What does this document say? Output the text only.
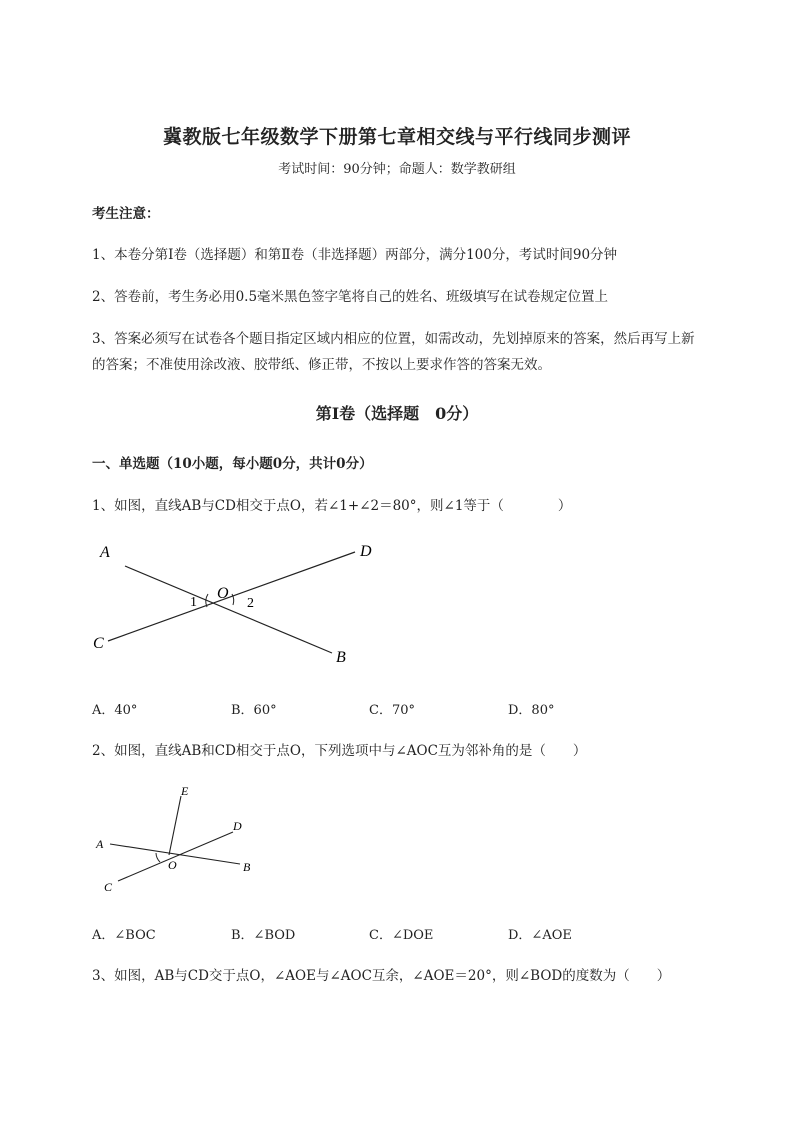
冀教版七年级数学下册第七章相交线与平行线同步测评
考试时间：90分钟；命题人：数学教研组
考生注意：
1、本卷分第Ⅰ卷（选择题）和第Ⅱ卷（非选择题）两部分，满分100分，考试时间90分钟
2、答卷前，考生务必用0.5毫米黑色签字笔将自己的姓名、班级填写在试卷规定位置上
3、答案必须写在试卷各个题目指定区域内相应的位置，如需改动，先划掉原来的答案，然后再写上新
的答案；不准使用涂改液、胶带纸、修正带，不按以上要求作答的答案无效。
第Ⅰ卷（选择题　0分）
一、单选题（10小题，每小题0分，共计0分）
1、如图，直线AB与CD相交于点O，若∠1+∠2＝80°，则∠1等于（　　　　）
A	D
O
1	2
C
B
A．40°	B．60°	C．70°	D．80°
2、如图，直线AB和CD相交于点O，下列选项中与∠AOC互为邻补角的是（　　）
E
D
A
O	B
C
A．∠BOC	B．∠BOD	C．∠DOE	D．∠AOE
3、如图，AB与CD交于点O，∠AOE与∠AOC互余，∠AOE＝20°，则∠BOD的度数为（　　）
